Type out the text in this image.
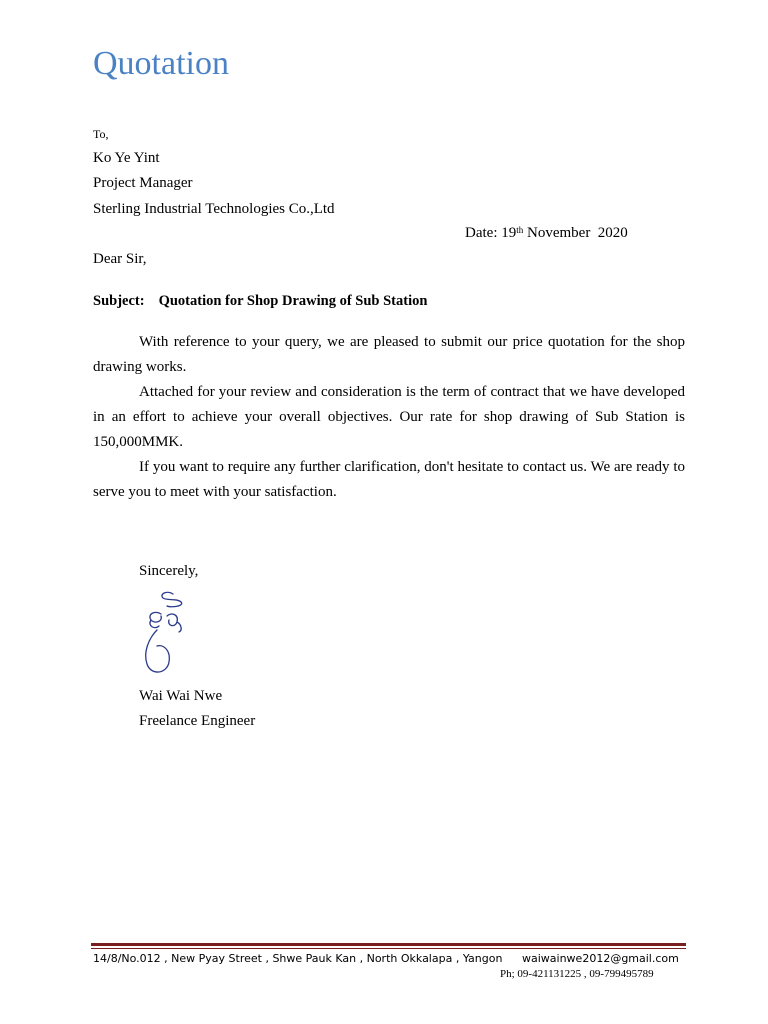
Quotation
To,
Ko Ye Yint
Project Manager
Sterling Industrial Technologies Co.,Ltd
Date: 19th November  2020
Dear Sir,
Subject: Quotation for Shop Drawing of Sub Station

With reference to your query, we are pleased to submit our price quotation for the shop drawing works.

Attached for your review and consideration is the term of contract that we have developed in an effort to achieve your overall objectives. Our rate for shop drawing of Sub Station is 150,000MMK.

If you want to require any further clarification, don't hesitate to contact us. We are ready to serve you to meet with your satisfaction.

Sincerely,
Wai Wai Nwe
Freelance Engineer
14/8/No.012 , New Pyay Street , Shwe Pauk Kan , North Okkalapa , Yangon waiwainwe2012@gmail.com
Ph; 09-421131225 , 09-799495789
